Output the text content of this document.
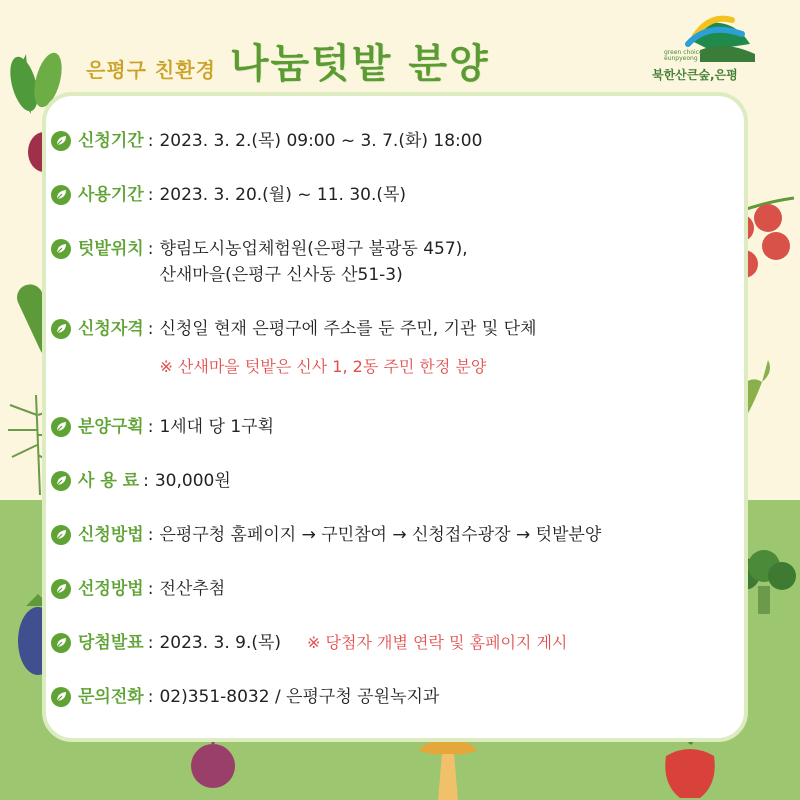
은평구 친환경 나눔텃밭 분양	green choice
eunpyeong
북한산큰숲,은평
신청기간 : 2023. 3. 2.(목) 09:00 ~ 3. 7.(화) 18:00
사용기간 : 2023. 3. 20.(월) ~ 11. 30.(목)
텃밭위치 : 향림도시농업체험원(은평구 불광동 457),
산새마을(은평구 신사동 산51-3)
신청자격 : 신청일 현재 은평구에 주소를 둔 주민, 기관 및 단체
※ 산새마을 텃밭은 신사 1, 2동 주민 한정 분양
분양구획 : 1세대 당 1구획
사 용 료 : 30,000원
신청방법 : 은평구청 홈페이지 → 구민참여 → 신청접수광장 → 텃밭분양
선정방법 : 전산추첨
당첨발표 : 2023. 3. 9.(목) ※ 당첨자 개별 연락 및 홈페이지 게시
문의전화 : 02)351-8032 / 은평구청 공원녹지과
